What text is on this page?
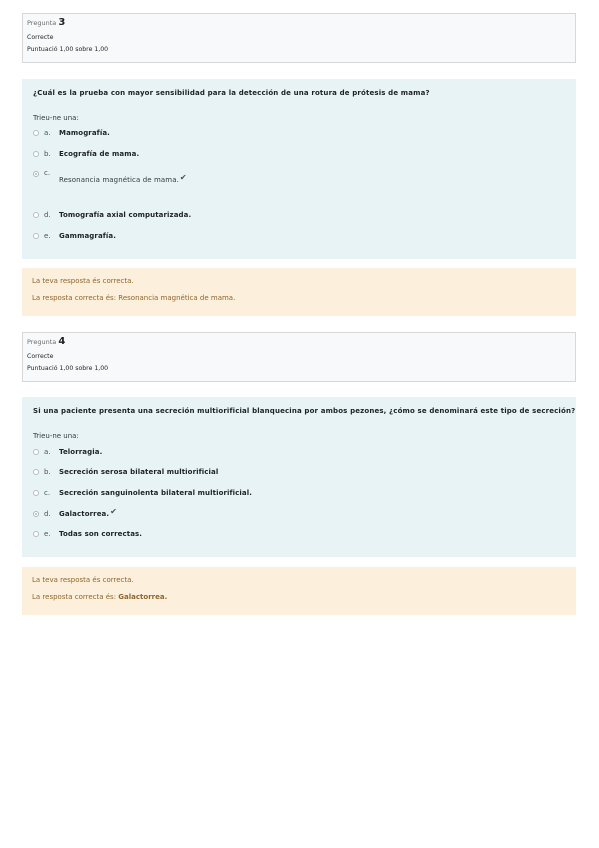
Pregunta 3
Correcte
Puntuació 1,00 sobre 1,00
¿Cuál es la prueba con mayor sensibilidad para la detección de una rotura de prótesis de mama?
Trieu-ne una:
a.	Mamografía.
b.	Ecografía de mama.
c.
Resonancia magnética de mama. ✔
d.	Tomografía axial computarizada.
e.	Gammagrafía.
La teva resposta és correcta.
La resposta correcta és: Resonancia magnética de mama.
Pregunta 4
Correcte
Puntuació 1,00 sobre 1,00
Si una paciente presenta una secreción multiorificial blanquecina por ambos pezones, ¿cómo se denominará este tipo de secreción?
Trieu-ne una:
a.	Telorragia.
b.	Secreción serosa bilateral multiorificial
c.	Secreción sanguinolenta bilateral multiorificial.
d.	Galactorrea. ✔
e.	Todas son correctas.
La teva resposta és correcta.
La resposta correcta és: Galactorrea.
